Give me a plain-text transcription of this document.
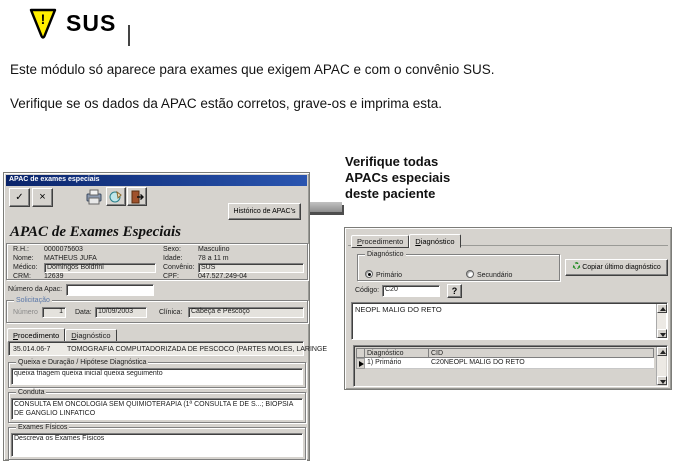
! SUS
Este módulo só aparece para exames que exigem APAC e com o convênio SUS.
Verifique se os dados da APAC estão corretos, grave-os e imprima esta.
Verifique todas
APACs especiais
deste paciente
APAC de exames especiais
✓	×
Histórico de APAC's
APAC de Exames Especiais
R.H.: 0000075603	Sexo: Masculino
Nome: MATHEUS JUFA	Idade: 78 a 11 m
Médico:	Domingos Boldrini	Convênio: SUS
CRM: 12639	CPF:	047.527.249-04
Número da Apac:
Solicitação
Número	1	Data: 10/09/2003	Clínica:	Cabeça e Pescoço
Procedimento Diagnóstico
35.014.06-7 TOMOGRAFIA COMPUTADORIZADA DE PESCOCO (PARTES MOLES, LARINGE
Queixa e Duração / Hipótese Diagnóstica
queixa triagem queixa inicial queixa seguimento
Conduta
CONSULTA EM ONCOLOGIA SEM QUIMIOTERAPIA (1ª CONSULTA E DE S...; BIOPSIA DE GANGLIO LINFATICO
Exames Físicos
Descreva os Exames Físicos
Procedimento Diagnóstico
Diagnóstico
Primário	Secundário
Copiar último diagnóstico
Código: C20	?
NEOPL MALIG DO RETO
Diagnóstico	CID
1) Primário	C20NEOPL MALIG DO RETO
